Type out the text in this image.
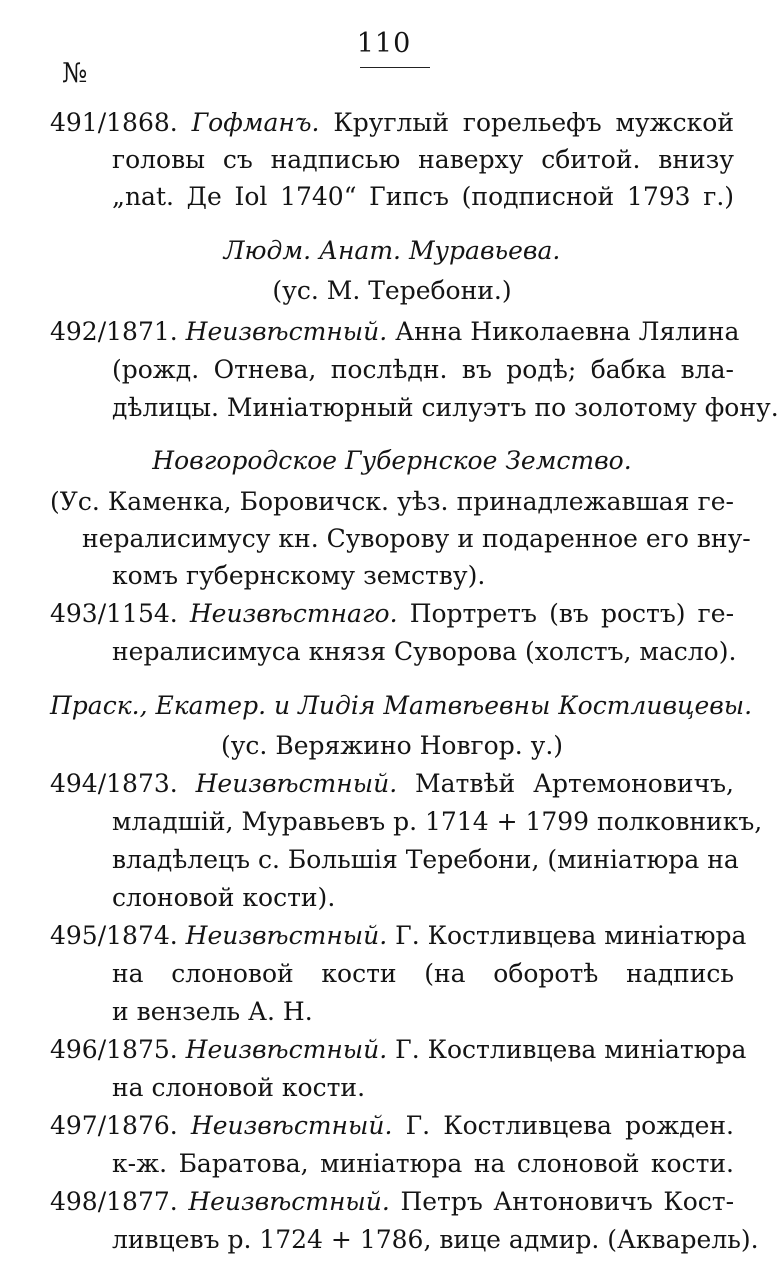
110
№
491/1868. Гофманъ. Круглый горельефъ мужской
головы съ надписью наверху сбитой. внизу
„nat. Де Iol 1740“ Гипсъ (подписной 1793 г.)
Людм. Анат. Муравьева.
(ус. М. Теребони.)
492/1871. Неизвѣстный. Анна Николаевна Лялина
(рожд. Отнева, послѣдн. въ родѣ; бабка вла-
дѣлицы. Миніатюрный силуэтъ по золотому фону.
Новгородское Губернское Земство.
(Ус. Каменка, Боровичск. уѣз. принадлежавшая ге-
нералисимусу кн. Суворову и подаренное его вну-
комъ губернскому земству).
493/1154. Неизвѣстнаго. Портретъ (въ ростъ) ге-
нералисимуса князя Суворова (холстъ, масло).
Праск., Екатер. и Лидія Матвѣевны Костливцевы.
(ус. Веряжино Новгор. у.)
494/1873. Неизвѣстный. Матвѣй Артемоновичъ,
младшій, Муравьевъ р. 1714 + 1799 полковникъ,
владѣлецъ с. Большія Теребони, (миніатюра на
слоновой кости).
495/1874. Неизвѣстный. Г. Костливцева миніатюра
на слоновой кости (на оборотѣ надпись
и вензель А. Н.
496/1875. Неизвѣстный. Г. Костливцева миніатюра
на слоновой кости.
497/1876. Неизвѣстный. Г. Костливцева рожден.
к-ж. Баратова, миніатюра на слоновой кости.
498/1877. Неизвѣстный. Петръ Антоновичъ Кост-
ливцевъ р. 1724 + 1786, вице адмир. (Акварель).
